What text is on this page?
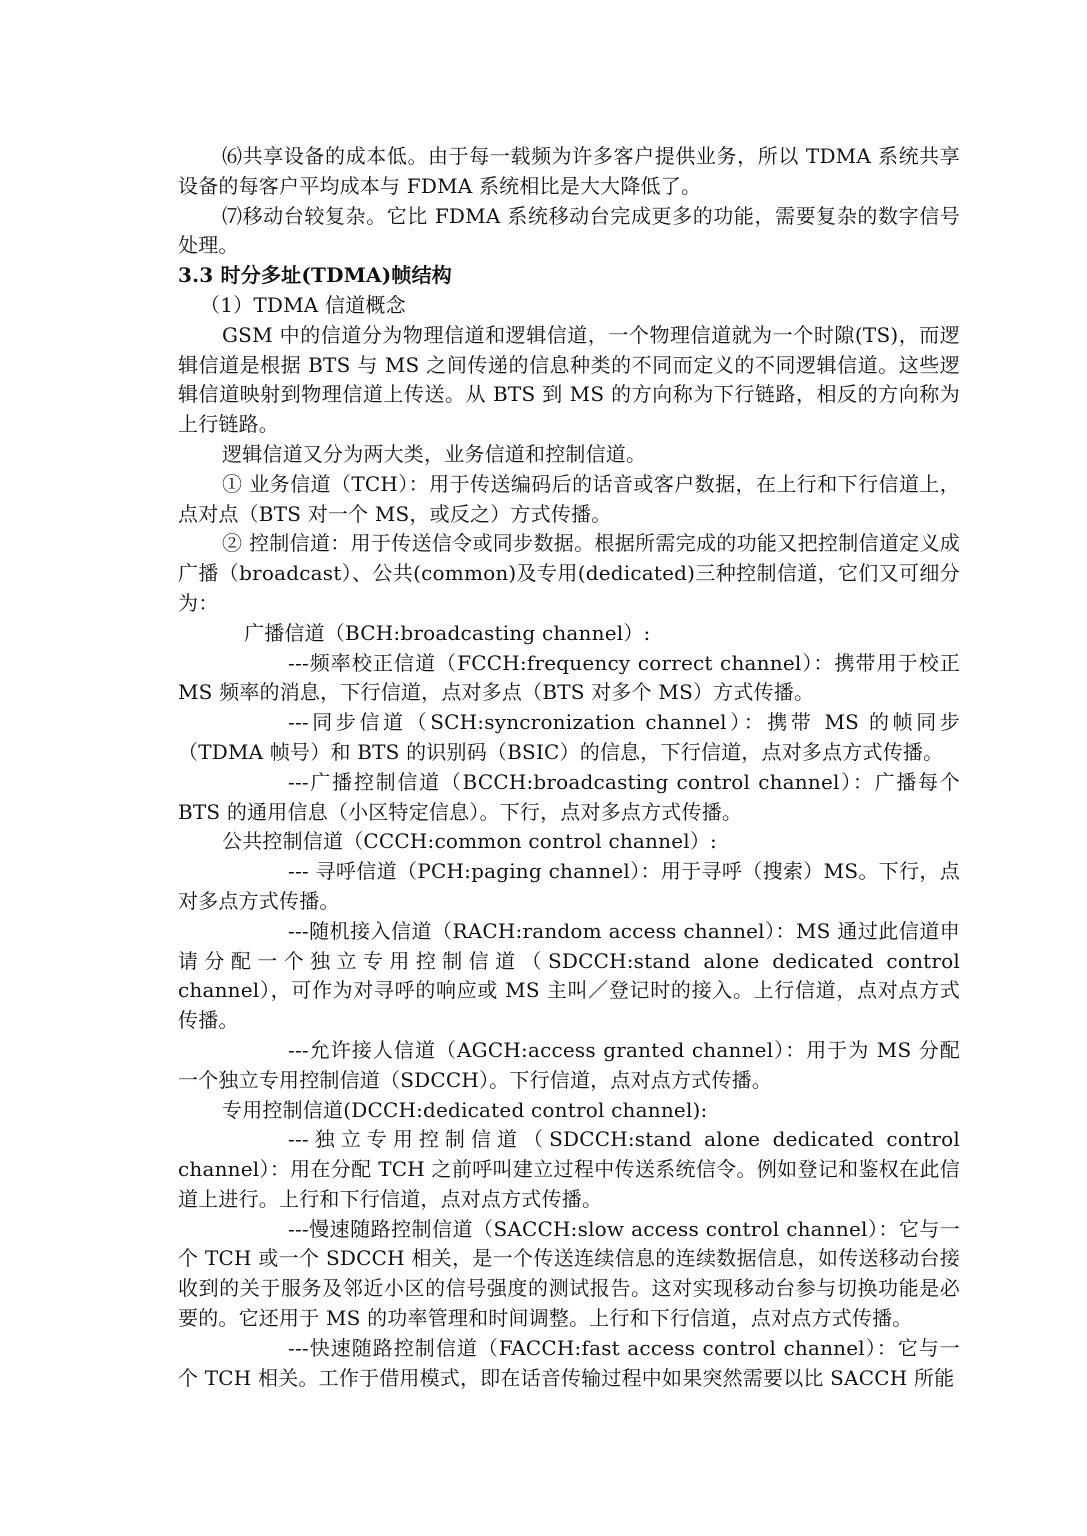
⑹共享设备的成本低。由于每一载频为许多客户提供业务，所以 TDMA 系统共享设备的每客户平均成本与 FDMA 系统相比是大大降低了。

⑺移动台较复杂。它比 FDMA 系统移动台完成更多的功能，需要复杂的数字信号处理。

3.3 时分多址(TDMA)帧结构

（1）TDMA 信道概念

GSM 中的信道分为物理信道和逻辑信道，一个物理信道就为一个时隙(TS)，而逻辑信道是根据 BTS 与 MS 之间传递的信息种类的不同而定义的不同逻辑信道。这些逻辑信道映射到物理信道上传送。从 BTS 到 MS 的方向称为下行链路，相反的方向称为上行链路。

逻辑信道又分为两大类，业务信道和控制信道。

① 业务信道（TCH）：用于传送编码后的话音或客户数据，在上行和下行信道上，点对点（BTS 对一个 MS，或反之）方式传播。

② 控制信道：用于传送信令或同步数据。根据所需完成的功能又把控制信道定义成广播（broadcast）、公共(common)及专用(dedicated)三种控制信道，它们又可细分为：

广播信道（BCH:broadcasting channel）:

---频率校正信道（FCCH:frequency correct channel）：携带用于校正 MS 频率的消息，下行信道，点对多点（BTS 对多个 MS）方式传播。

---同步信道（SCH:syncronization channel）：携带 MS 的帧同步（TDMA 帧号）和 BTS 的识别码（BSIC）的信息，下行信道，点对多点方式传播。

---广播控制信道（BCCH:broadcasting control channel）：广播每个 BTS 的通用信息（小区特定信息）。下行，点对多点方式传播。

公共控制信道（CCCH:common control channel）:

--- 寻呼信道（PCH:paging channel）：用于寻呼（搜索）MS。下行，点对多点方式传播。

---随机接入信道（RACH:random access channel）：MS 通过此信道申请分配一个独立专用控制信道（SDCCH:stand alone dedicated control channel），可作为对寻呼的响应或 MS 主叫／登记时的接入。上行信道，点对点方式传播。

---允许接人信道（AGCH:access granted channel）：用于为 MS 分配一个独立专用控制信道（SDCCH）。下行信道，点对点方式传播。

专用控制信道(DCCH:dedicated control channel):

---独立专用控制信道（SDCCH:stand alone dedicated control channel）：用在分配 TCH 之前呼叫建立过程中传送系统信令。例如登记和鉴权在此信道上进行。上行和下行信道，点对点方式传播。

---慢速随路控制信道（SACCH:slow access control channel）：它与一个 TCH 或一个 SDCCH 相关，是一个传送连续信息的连续数据信息，如传送移动台接收到的关于服务及邻近小区的信号强度的测试报告。这对实现移动台参与切换功能是必要的。它还用于 MS 的功率管理和时间调整。上行和下行信道，点对点方式传播。

---快速随路控制信道（FACCH:fast access control channel）：它与一个 TCH 相关。工作于借用模式，即在话音传输过程中如果突然需要以比 SACCH 所能
